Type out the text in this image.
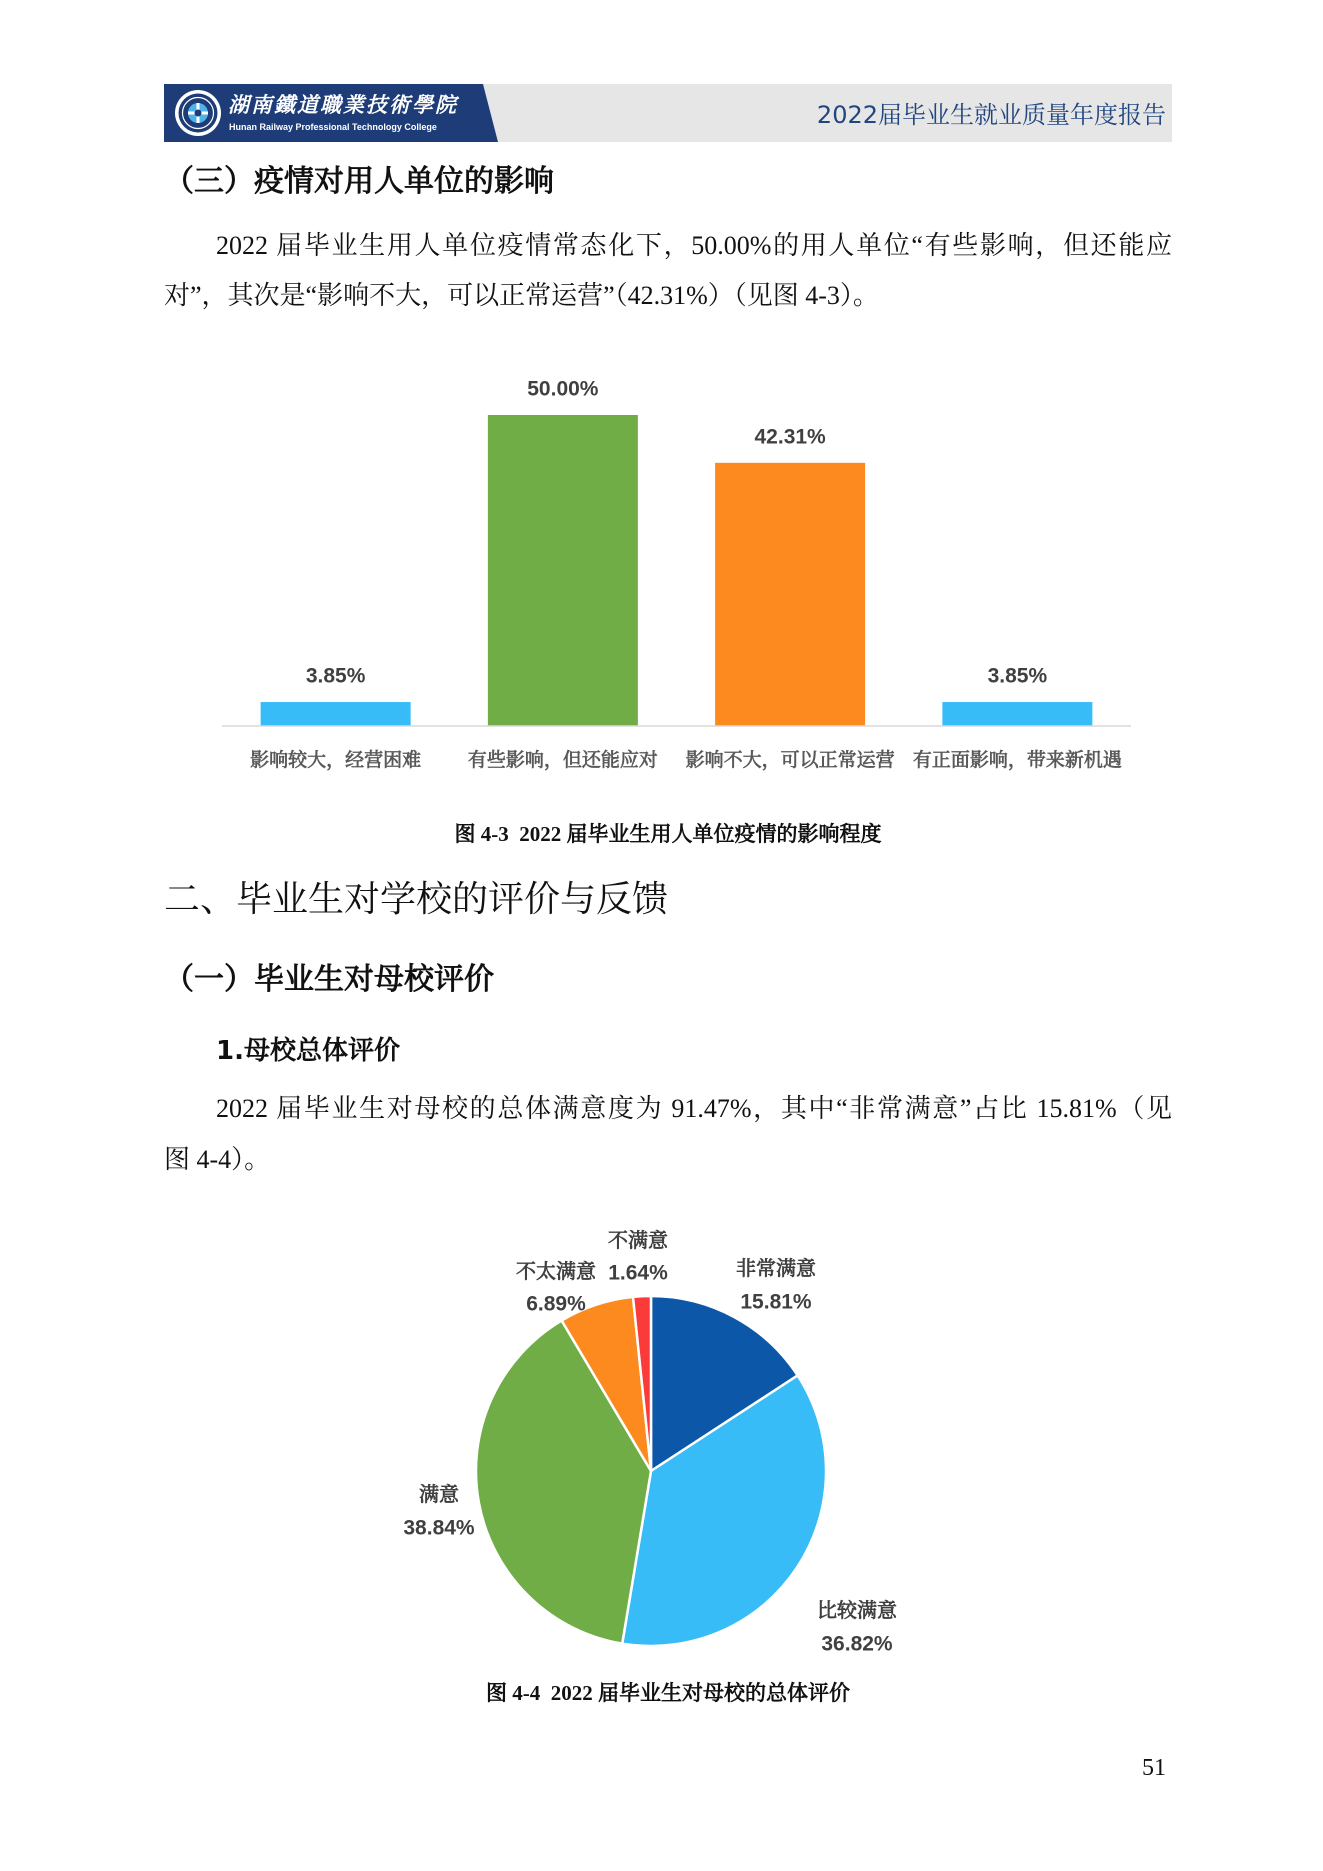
湖南鐵道職業技術學院
Hunan Railway Professional Technology College	2022届毕业生就业质量年度报告
（三）疫情对用人单位的影响
2022 届毕业生用人单位疫情常态化下，50.00%的用人单位“有些影响，但还能应
对”，其次是“影响不大，可以正常运营”（42.31%）（见图 4-3）。
3.85%
影响较大，经营困难
50.00%
有些影响，但还能应对
42.31%
影响不大，可以正常运营
3.85%
有正面影响，带来新机遇
图 4-3  2022 届毕业生用人单位疫情的影响程度
二、毕业生对学校的评价与反馈
（一）毕业生对母校评价
1.母校总体评价
2022 届毕业生对母校的总体满意度为 91.47%，其中“非常满意”占比 15.81%（见
图 4-4）。
不满意
1.64%
不太满意
6.89%
非常满意
15.81%
满意
38.84%
比较满意
36.82%
图 4-4  2022 届毕业生对母校的总体评价
51
